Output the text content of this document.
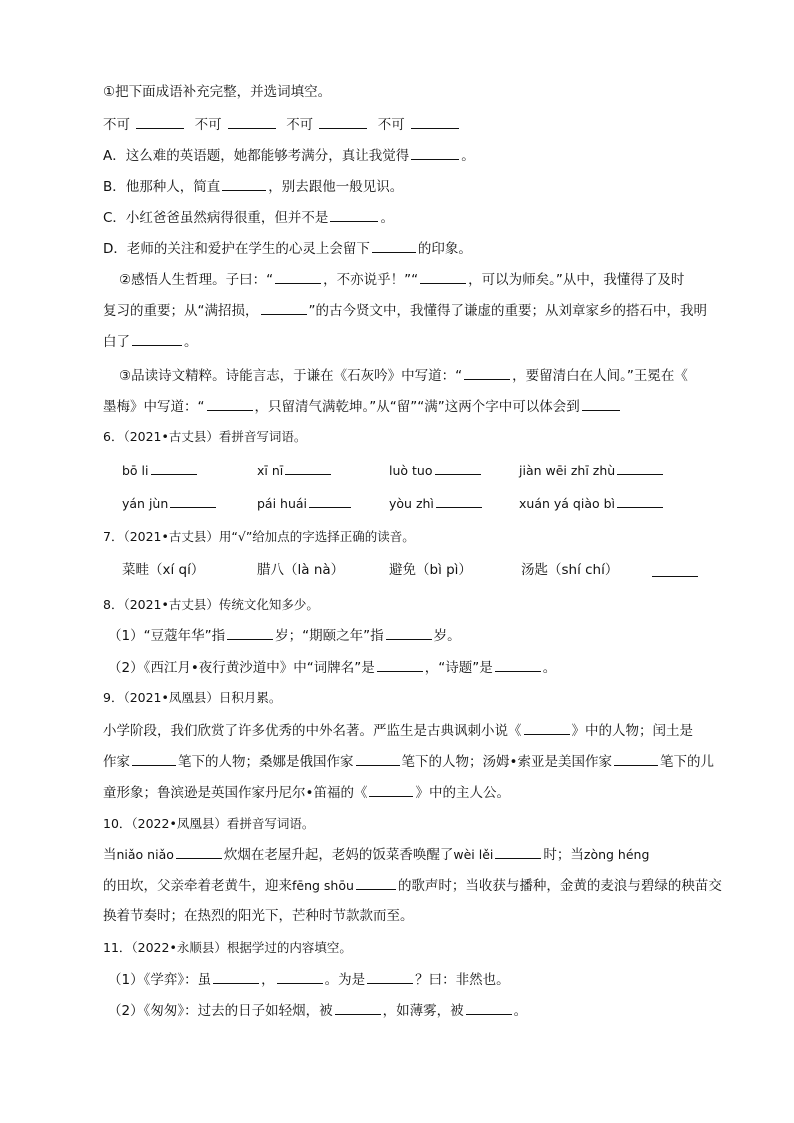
①把下面成语补充完整，并选词填空。
不可	不可	不可	不可
A．这么难的英语题，她都能够考满分，真让我觉得	。
B．他那种人，简直	，别去跟他一般见识。
C．小红爸爸虽然病得很重，但并不是	。
D．老师的关注和爱护在学生的心灵上会留下	的印象。
②感悟人生哲理。子曰：“	，不亦说乎！”“	，可以为师矣。”从中，我懂得了及时
复习的重要；从“满招损，	”的古今贤文中，我懂得了谦虚的重要；从刘章家乡的搭石中，我明
白了	。
③品读诗文精粹。诗能言志，于谦在《石灰吟》中写道：“	，要留清白在人间。”王冕在《
墨梅》中写道：“	，只留清气满乾坤。”从“留”“满”这两个字中可以体会到
6．（2021•古丈县）看拼音写词语。
bō li	xī nī	luò tuo	jiàn wēi zhī zhù
yán jùn	pái huái	yòu zhì	xuán yá qiào bì
7．（2021•古丈县）用“√”给加点的字选择正确的读音。
菜畦（xí qí）	腊八（là nà）	避免（bì pì）	汤匙（shí chí）
8．（2021•古丈县）传统文化知多少。
（1）“豆蔻年华”指	岁；“期颐之年”指	岁。
（2）《西江月•夜行黄沙道中》中“词牌名”是	，“诗题”是	。
9．（2021•凤凰县）日积月累。
小学阶段，我们欣赏了许多优秀的中外名著。严监生是古典讽刺小说《	》中的人物；闰土是
作家	笔下的人物；桑娜是俄国作家	笔下的人物；汤姆•索亚是美国作家	笔下的儿
童形象；鲁滨逊是英国作家丹尼尔•笛福的《	》中的主人公。
10．（2022•凤凰县）看拼音写词语。
当niǎo niǎo	炊烟在老屋升起，老妈的饭菜香唤醒了wèi lěi	时；当zòng héng
的田坎，父亲牵着老黄牛，迎来fēng shōu	的歌声时；当收获与播种，金黄的麦浪与碧绿的秧苗交
换着节奏时；在热烈的阳光下，芒种时节款款而至。
11．（2022•永顺县）根据学过的内容填空。
（1）《学弈》：虽	，	。为是	？曰：非然也。
（2）《匆匆》：过去的日子如轻烟，被	，如薄雾，被	。
